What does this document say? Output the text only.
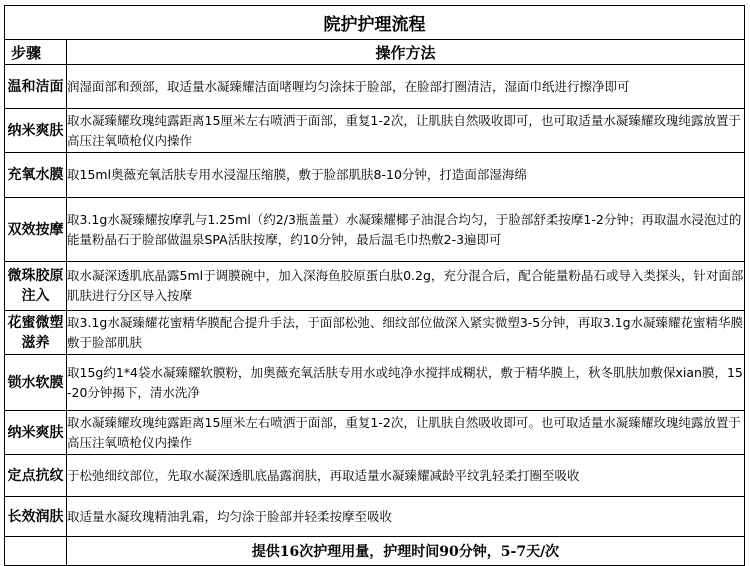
院护护理流程	
步骤	操作方法
温和洁面	润湿面部和颈部，取适量水凝臻耀洁面啫喱均匀涂抹于脸部，在脸部打圈清洁，湿面巾纸进行擦净即可
纳米爽肤	取水凝臻耀玫瑰纯露距离15厘米左右喷洒于面部，重复1-2次，让肌肤自然吸收即可，也可取适量水凝臻耀玫瑰纯露放置于高压注氧喷枪仪内操作
充氧水膜	取15ml奥薇充氧活肤专用水浸湿压缩膜，敷于脸部肌肤8-10分钟，打造面部湿海绵
双效按摩	取3.1g水凝臻耀按摩乳与1.25ml（约2/3瓶盖量）水凝臻耀椰子油混合均匀，于脸部舒柔按摩1-2分钟；再取温水浸泡过的能量粉晶石于脸部做温泉SPA活肤按摩，约10分钟，最后温毛巾热敷2-3遍即可
微珠胶原注入	取水凝深透肌底晶露5ml于调膜碗中，加入深海鱼胶原蛋白肽0.2g，充分混合后，配合能量粉晶石或导入类探头，针对面部肌肤进行分区导入按摩
花蜜微塑滋养	取3.1g水凝臻耀花蜜精华膜配合提升手法，于面部松弛、细纹部位做深入紧实微塑3-5分钟，再取3.1g水凝臻耀花蜜精华膜敷于脸部肌肤
锁水软膜	取15g约1*4袋水凝臻耀软膜粉，加奥薇充氧活肤专用水或纯净水搅拌成糊状，敷于精华膜上，秋冬肌肤加敷保xian膜，15-20分钟揭下，清水洗净
纳米爽肤	取水凝臻耀玫瑰纯露距离15厘米左右喷洒于面部，重复1-2次，让肌肤自然吸收即可。也可取适量水凝臻耀玫瑰纯露放置于高压注氧喷枪仪内操作
定点抗纹	于松弛细纹部位，先取水凝深透肌底晶露润肤，再取适量水凝臻耀减龄平纹乳轻柔打圈至吸收
长效润肤	取适量水凝玫瑰精油乳霜，均匀涂于脸部并轻柔按摩至吸收
	提供16次护理用量，护理时间90分钟，5-7天/次
